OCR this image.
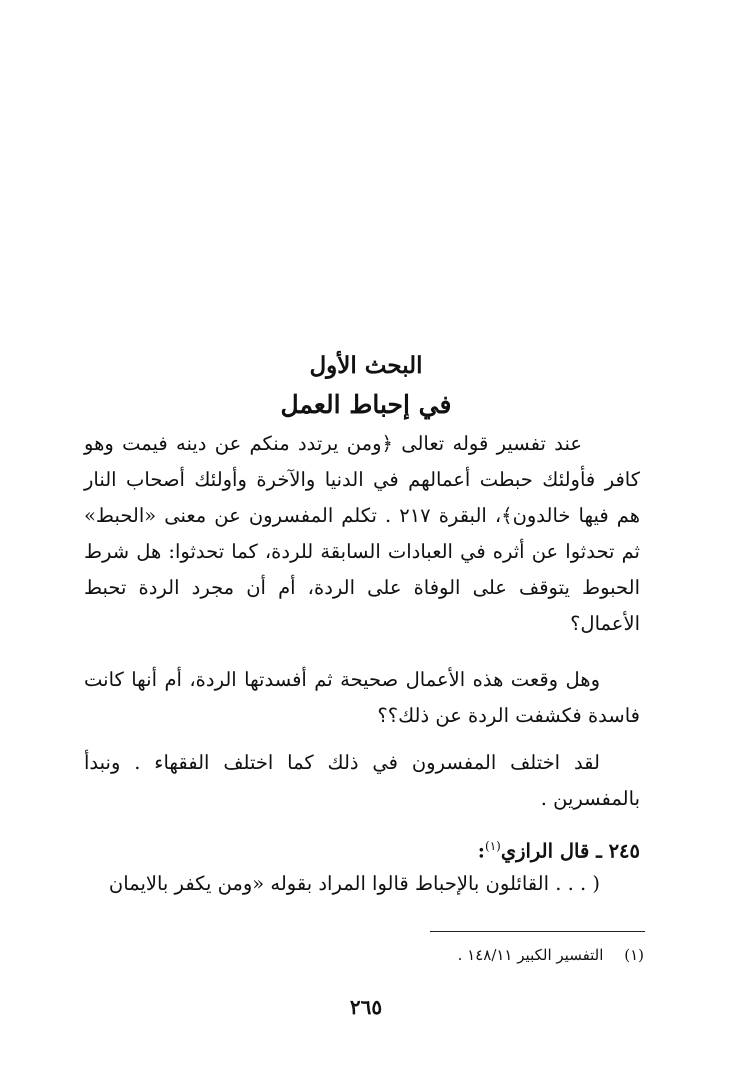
البحث الأول
في إحباط العمل

عند تفسير قوله تعالى ﴿ومن يرتدد منكم عن دينه فيمت وهو كافر فأولئك حبطت أعمالهم في الدنيا والآخرة وأولئك أصحاب النار هم فيها خالدون﴾، البقرة ٢١٧ . تكلم المفسرون عن معنى «الحبط» ثم تحدثوا عن أثره في العبادات السابقة للردة، كما تحدثوا: هل شرط الحبوط يتوقف على الوفاة على الردة، أم أن مجرد الردة تحبط الأعمال؟

وهل وقعت هذه الأعمال صحيحة ثم أفسدتها الردة، أم أنها كانت فاسدة فكشفت الردة عن ذلك؟؟

لقد اختلف المفسرون في ذلك كما اختلف الفقهاء . ونبدأ بالمفسرين .

٢٤٥ ـ قال الرازي$^{(١)}$:

( . . . القائلون بالإحباط قالوا المراد بقوله «ومن يكفر بالايمان

(١) التفسير الكبير ١٤٨/١١ .
٢٦٥
